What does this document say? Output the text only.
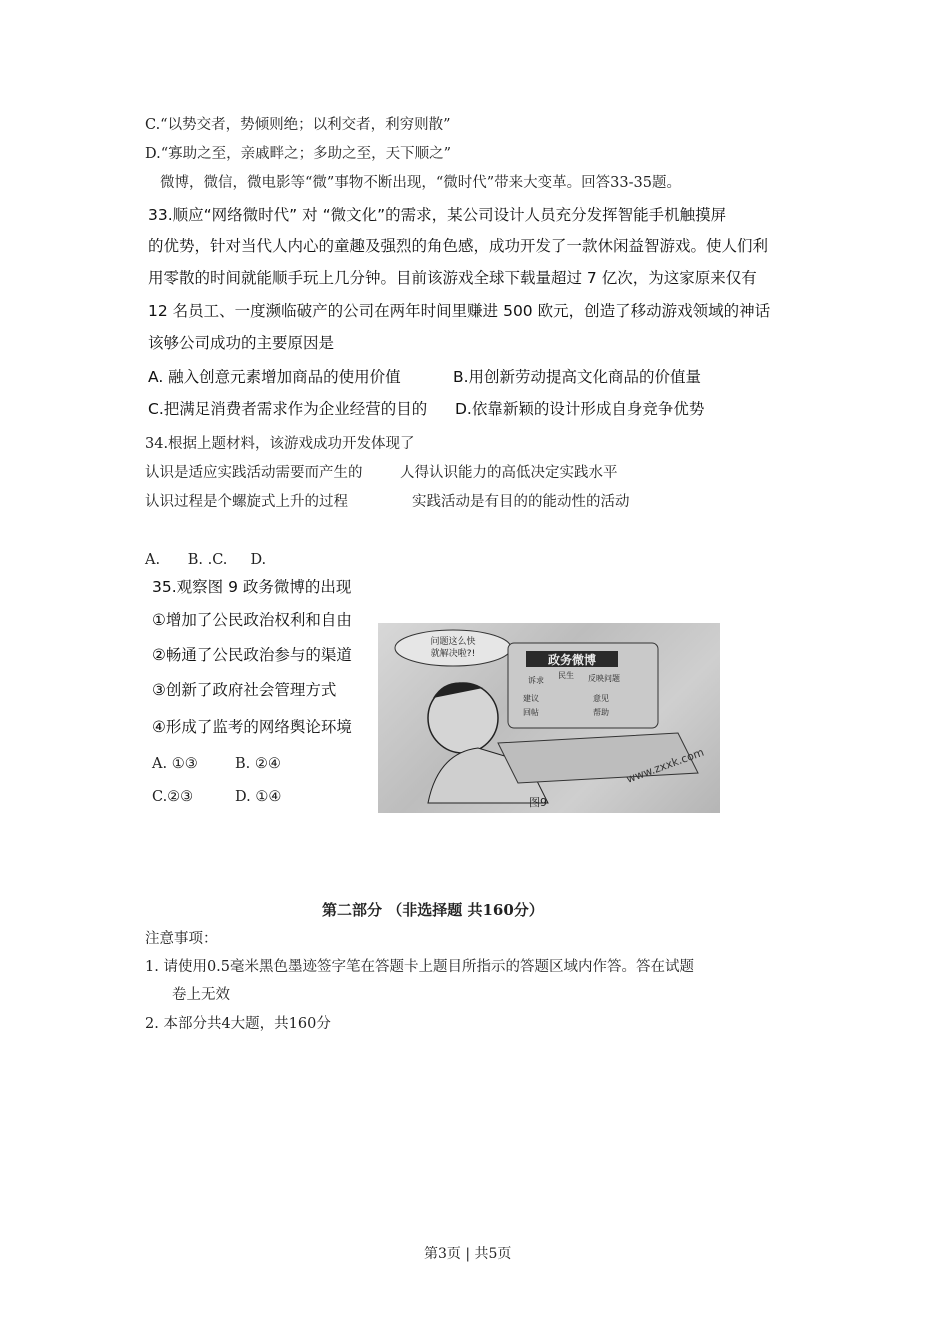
C.“以势交者，势倾则绝；以利交者，利穷则散”
D.“寡助之至，亲戚畔之；多助之至，天下顺之”
微博，微信，微电影等“微”事物不断出现，“微时代”带来大变革。回答33-35题。
33.顺应“网络微时代” 对 “微文化”的需求，某公司设计人员充分发挥智能手机触摸屏
的优势，针对当代人内心的童趣及强烈的角色感，成功开发了一款休闲益智游戏。使人们利
用零散的时间就能顺手玩上几分钟。目前该游戏全球下载量超过 7 亿次，为这家原来仅有
12 名员工、一度濒临破产的公司在两年时间里赚进 500 欧元，创造了移动游戏领域的神话
该够公司成功的主要原因是
A. 融入创意元素增加商品的使用价值	B.用创新劳动提高文化商品的价值量
C.把满足消费者需求作为企业经营的目的 D.依靠新颖的设计形成自身竞争优势
34.根据上题材料，该游戏成功开发体现了
认识是适应实践活动需要而产生的	人得认识能力的高低决定实践水平
认识过程是个螺旋式上升的过程	实践活动是有目的的能动性的活动
A.      B. .C.     D.
35.观察图 9 政务微博的出现
①增加了公民政治权利和自由
②畅通了公民政治参与的渠道
③创新了政府社会管理方式
④形成了监考的网络舆论环境
A. ①③	B. ②④
C.②③	D. ①④
问题这么快
就解决啦?!	政务微博
诉求
民生 反映问题
建议	意见
回帖	帮助
www.zxxk.com
图9
第二部分 （非选择题 共160分）
注意事项：
1. 请使用0.5毫米黑色墨迹签字笔在答题卡上题目所指示的答题区域内作答。答在试题
卷上无效
2. 本部分共4大题，共160分
第3页 | 共5页
